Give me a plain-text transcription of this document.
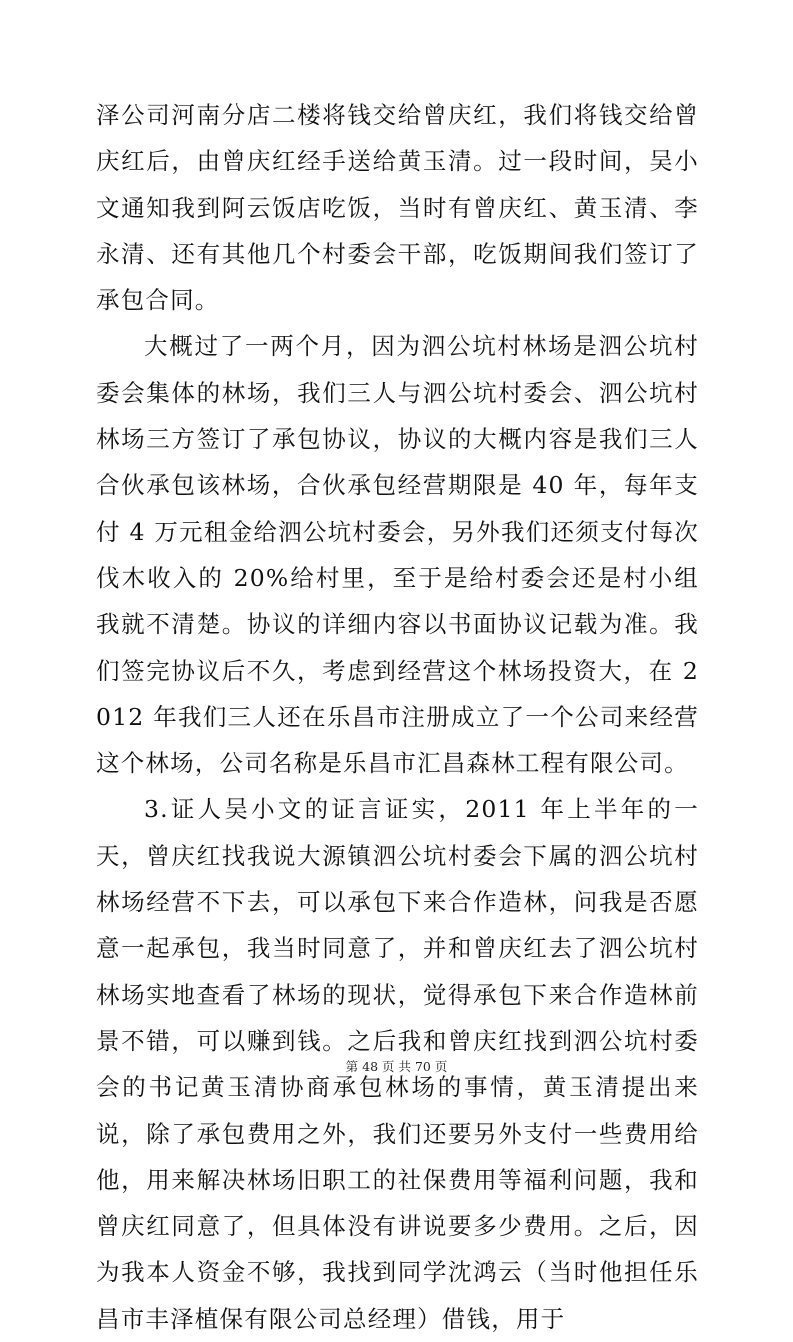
泽公司河南分店二楼将钱交给曾庆红，我们将钱交给曾庆红后，由曾庆红经手送给黄玉清。过一段时间，吴小文通知我到阿云饭店吃饭，当时有曾庆红、黄玉清、李永清、还有其他几个村委会干部，吃饭期间我们签订了承包合同。

大概过了一两个月，因为泗公坑村林场是泗公坑村委会集体的林场，我们三人与泗公坑村委会、泗公坑村林场三方签订了承包协议，协议的大概内容是我们三人合伙承包该林场，合伙承包经营期限是 40 年，每年支付 4 万元租金给泗公坑村委会，另外我们还须支付每次伐木收入的 20%给村里，至于是给村委会还是村小组我就不清楚。协议的详细内容以书面协议记载为准。我们签完协议后不久，考虑到经营这个林场投资大，在 2012 年我们三人还在乐昌市注册成立了一个公司来经营这个林场，公司名称是乐昌市汇昌森林工程有限公司。

3.证人吴小文的证言证实，2011 年上半年的一天，曾庆红找我说大源镇泗公坑村委会下属的泗公坑村林场经营不下去，可以承包下来合作造林，问我是否愿意一起承包，我当时同意了，并和曾庆红去了泗公坑村林场实地查看了林场的现状，觉得承包下来合作造林前景不错，可以赚到钱。之后我和曾庆红找到泗公坑村委会的书记黄玉清协商承包林场的事情，黄玉清提出来说，除了承包费用之外，我们还要另外支付一些费用给他，用来解决林场旧职工的社保费用等福利问题，我和曾庆红同意了，但具体没有讲说要多少费用。之后，因为我本人资金不够，我找到同学沈鸿云（当时他担任乐昌市丰泽植保有限公司总经理）借钱，用于

第 48 页 共 70 页
